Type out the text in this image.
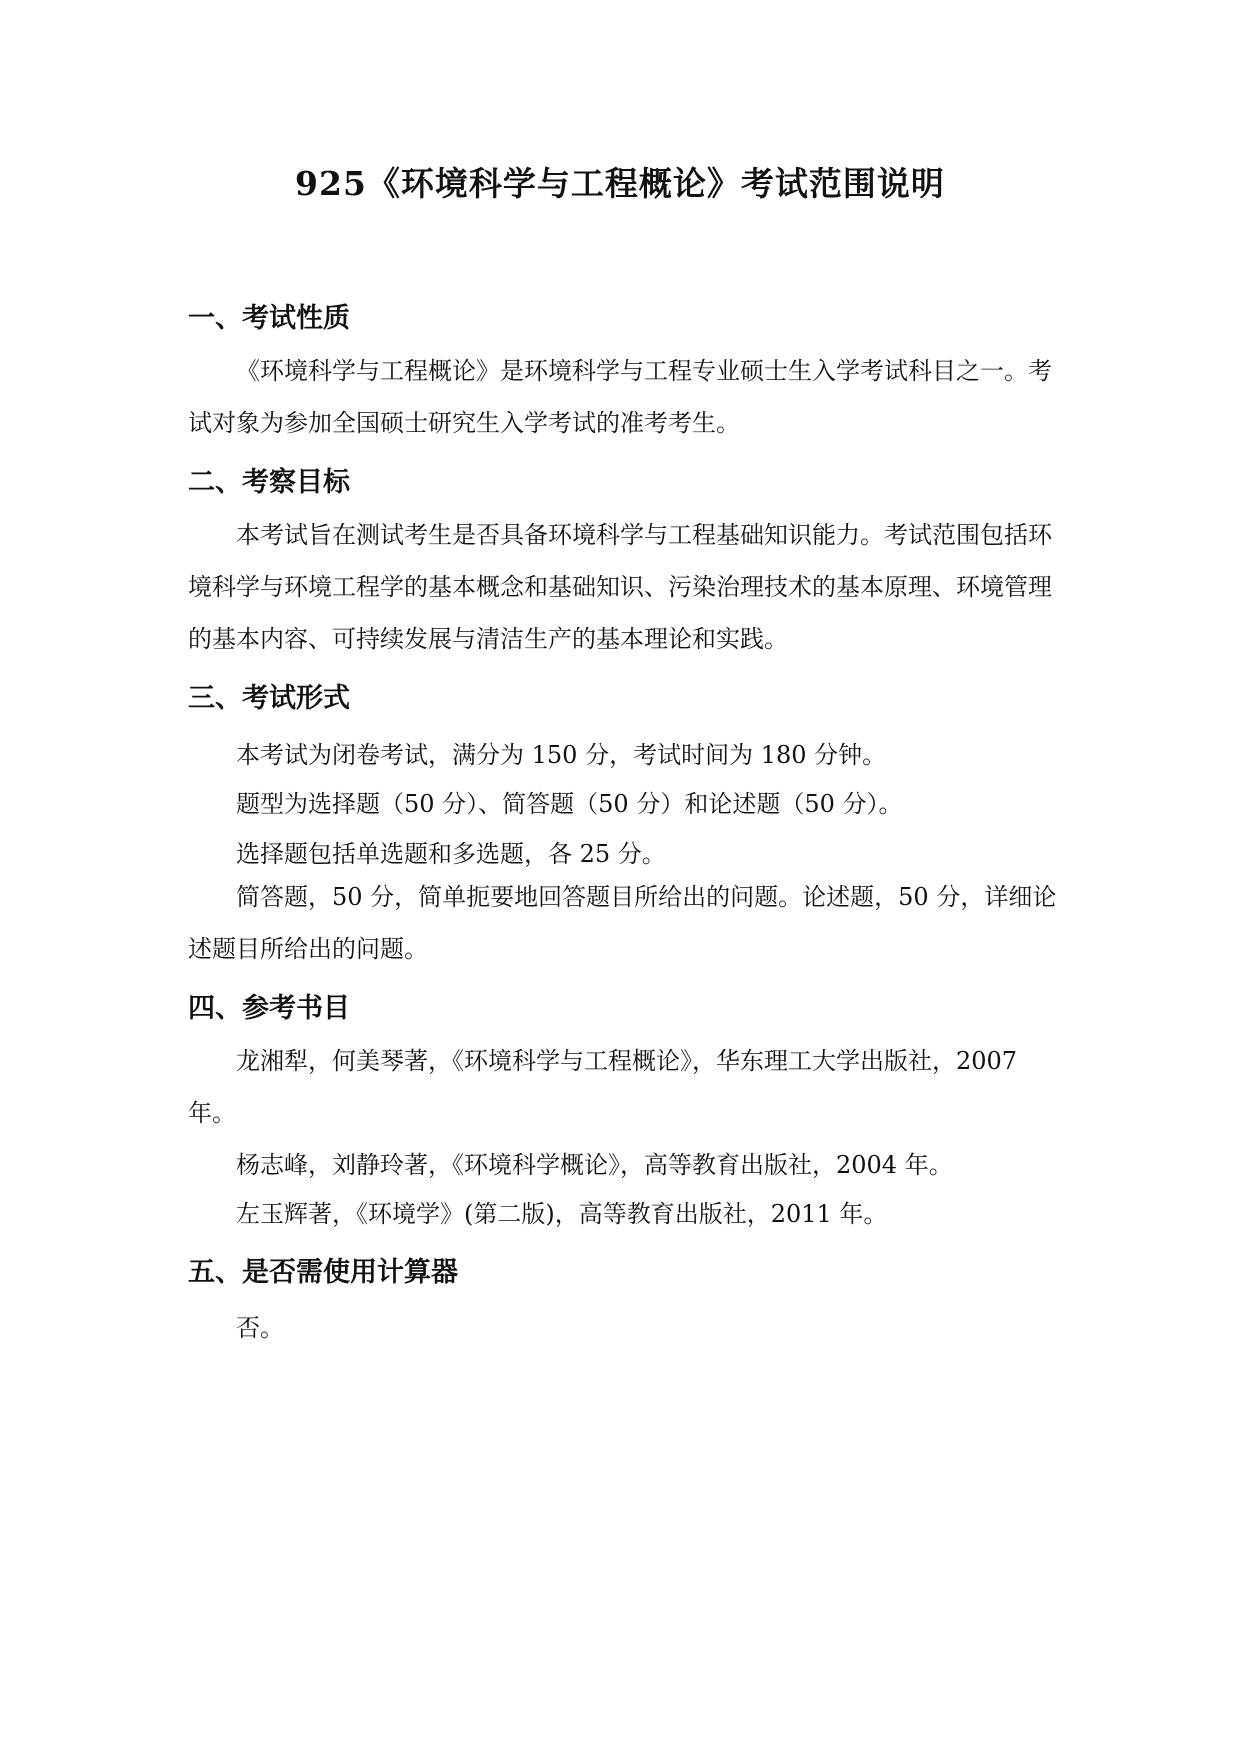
925《环境科学与工程概论》考试范围说明
一、考试性质

《环境科学与工程概论》是环境科学与工程专业硕士生入学考试科目之一。考试对象为参加全国硕士研究生入学考试的准考考生。

二、考察目标

本考试旨在测试考生是否具备环境科学与工程基础知识能力。考试范围包括环境科学与环境工程学的基本概念和基础知识、污染治理技术的基本原理、环境管理的基本内容、可持续发展与清洁生产的基本理论和实践。

三、考试形式
本考试为闭卷考试，满分为 150 分，考试时间为 180 分钟。
题型为选择题（50 分）、简答题（50 分）和论述题（50 分）。
选择题包括单选题和多选题，各 25 分。

简答题，50 分，简单扼要地回答题目所给出的问题。论述题，50 分，详细论述题目所给出的问题。

四、参考书目

龙湘犁，何美琴著，《环境科学与工程概论》，华东理工大学出版社，2007 年。

杨志峰，刘静玲著，《环境科学概论》，高等教育出版社，2004 年。
左玉辉著，《环境学》(第二版)，高等教育出版社，2011 年。
五、是否需使用计算器
否。
